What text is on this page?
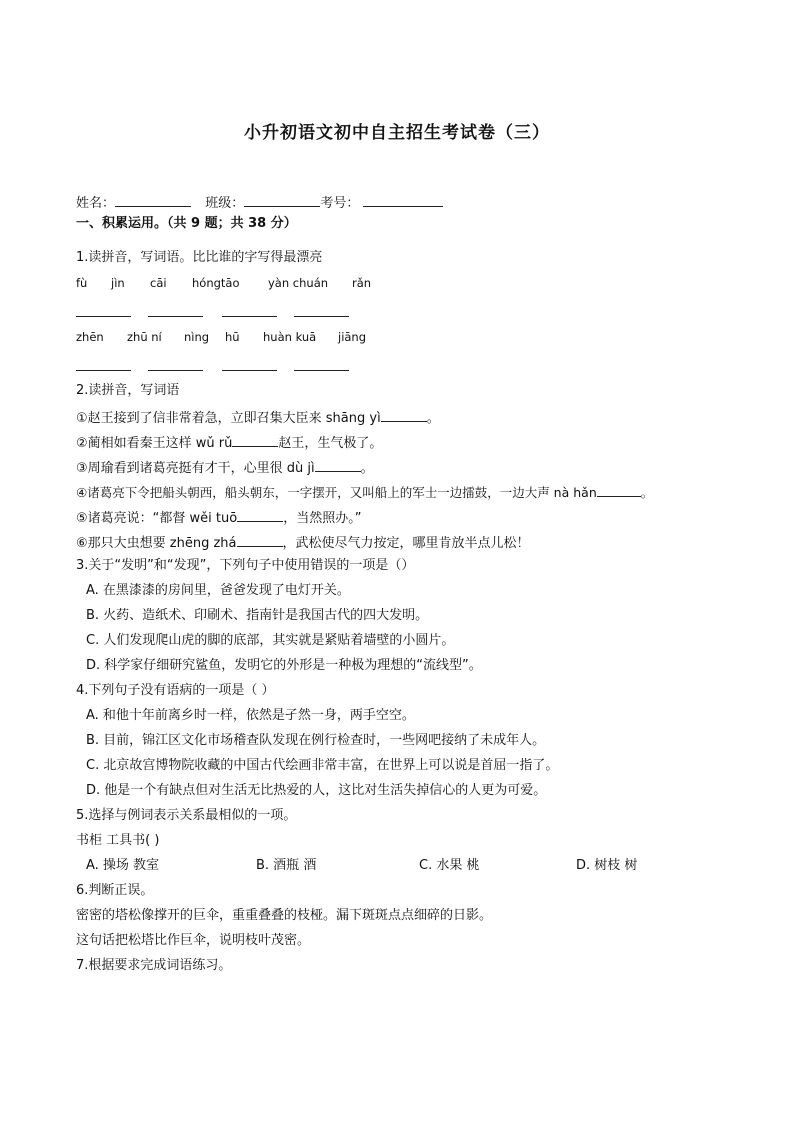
小升初语文初中自主招生考试卷（三）
姓名：	班级：	考号：
一、积累运用。（共 9 题；共 38 分）
1.读拼音，写词语。比比谁的字写得最漂亮
fù jìn cāi hóngtāo yàn chuán rǎn
zhēn zhū ní nìng hū huàn kuā jiāng
2.读拼音，写词语
①赵王接到了信非常着急，立即召集大臣来 shāng yì	。
②蔺相如看秦王这样 wǔ rǔ	赵王，生气极了。
③周瑜看到诸葛亮挺有才干，心里很 dù jì	。
④诸葛亮下令把船头朝西，船头朝东，一字摆开，又叫船上的军士一边擂鼓，一边大声 nà hǎn	。
⑤诸葛亮说：“都督 wěi tuō	，当然照办。”
⑥那只大虫想要 zhēng zhá	，武松使尽气力按定，哪里肯放半点儿松！
3.关于“发明”和“发现”，下列句子中使用错误的一项是（）
A. 在黑漆漆的房间里，爸爸发现了电灯开关。
B. 火药、造纸术、印刷术、指南针是我国古代的四大发明。
C. 人们发现爬山虎的脚的底部，其实就是紧贴着墙壁的小圆片。
D. 科学家仔细研究鲨鱼，发明它的外形是一种极为理想的“流线型”。
4.下列句子没有语病的一项是（ ）
A. 和他十年前离乡时一样，依然是孑然一身，两手空空。
B. 目前，锦江区文化市场稽查队发现在例行检查时，一些网吧接纳了未成年人。
C. 北京故宫博物院收藏的中国古代绘画非常丰富，在世界上可以说是首屈一指了。
D. 他是一个有缺点但对生活无比热爱的人，这比对生活失掉信心的人更为可爱。
5.选择与例词表示关系最相似的一项。
书柜 工具书( )
A. 操场 教室	B. 酒瓶 酒	C. 水果 桃	D. 树枝 树
6.判断正误。
密密的塔松像撑开的巨伞，重重叠叠的枝桠。漏下斑斑点点细碎的日影。
这句话把松塔比作巨伞，说明枝叶茂密。
7.根据要求完成词语练习。
